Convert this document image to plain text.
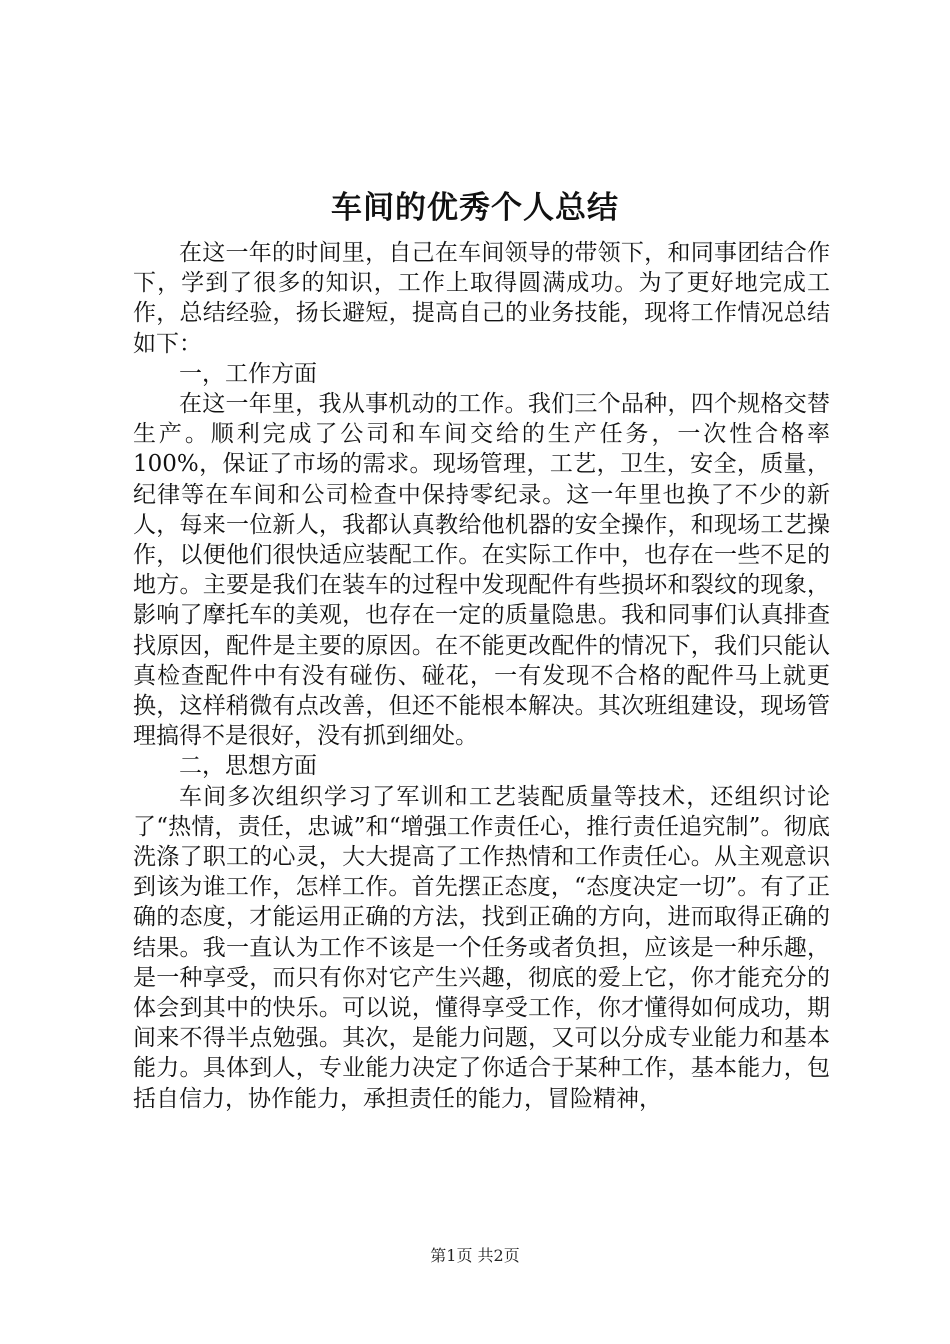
车间的优秀个人总结

在这一年的时间里，自己在车间领导的带领下，和同事团结合作下，学到了很多的知识，工作上取得圆满成功。为了更好地完成工作，总结经验，扬长避短，提高自己的业务技能，现将工作情况总结如下：

一，工作方面

在这一年里，我从事机动的工作。我们三个品种，四个规格交替生产。顺利完成了公司和车间交给的生产任务，一次性合格率100%，保证了市场的需求。现场管理，工艺，卫生，安全，质量，纪律等在车间和公司检查中保持零纪录。这一年里也换了不少的新人，每来一位新人，我都认真教给他机器的安全操作，和现场工艺操作，以便他们很快适应装配工作。在实际工作中，也存在一些不足的地方。主要是我们在装车的过程中发现配件有些损坏和裂纹的现象，影响了摩托车的美观，也存在一定的质量隐患。我和同事们认真排查找原因，配件是主要的原因。在不能更改配件的情况下，我们只能认真检查配件中有没有碰伤、碰花，一有发现不合格的配件马上就更换，这样稍微有点改善，但还不能根本解决。其次班组建设，现场管理搞得不是很好，没有抓到细处。

二，思想方面

车间多次组织学习了军训和工艺装配质量等技术，还组织讨论了“热情，责任，忠诚”和“增强工作责任心，推行责任追究制”。彻底洗涤了职工的心灵，大大提高了工作热情和工作责任心。从主观意识到该为谁工作，怎样工作。首先摆正态度，“态度决定一切”。有了正确的态度，才能运用正确的方法，找到正确的方向，进而取得正确的结果。我一直认为工作不该是一个任务或者负担，应该是一种乐趣，是一种享受，而只有你对它产生兴趣，彻底的爱上它，你才能充分的体会到其中的快乐。可以说，懂得享受工作，你才懂得如何成功，期间来不得半点勉强。其次，是能力问题，又可以分成专业能力和基本能力。具体到人，专业能力决定了你适合于某种工作，基本能力，包括自信力，协作能力，承担责任的能力，冒险精神，

第1页 共2页
